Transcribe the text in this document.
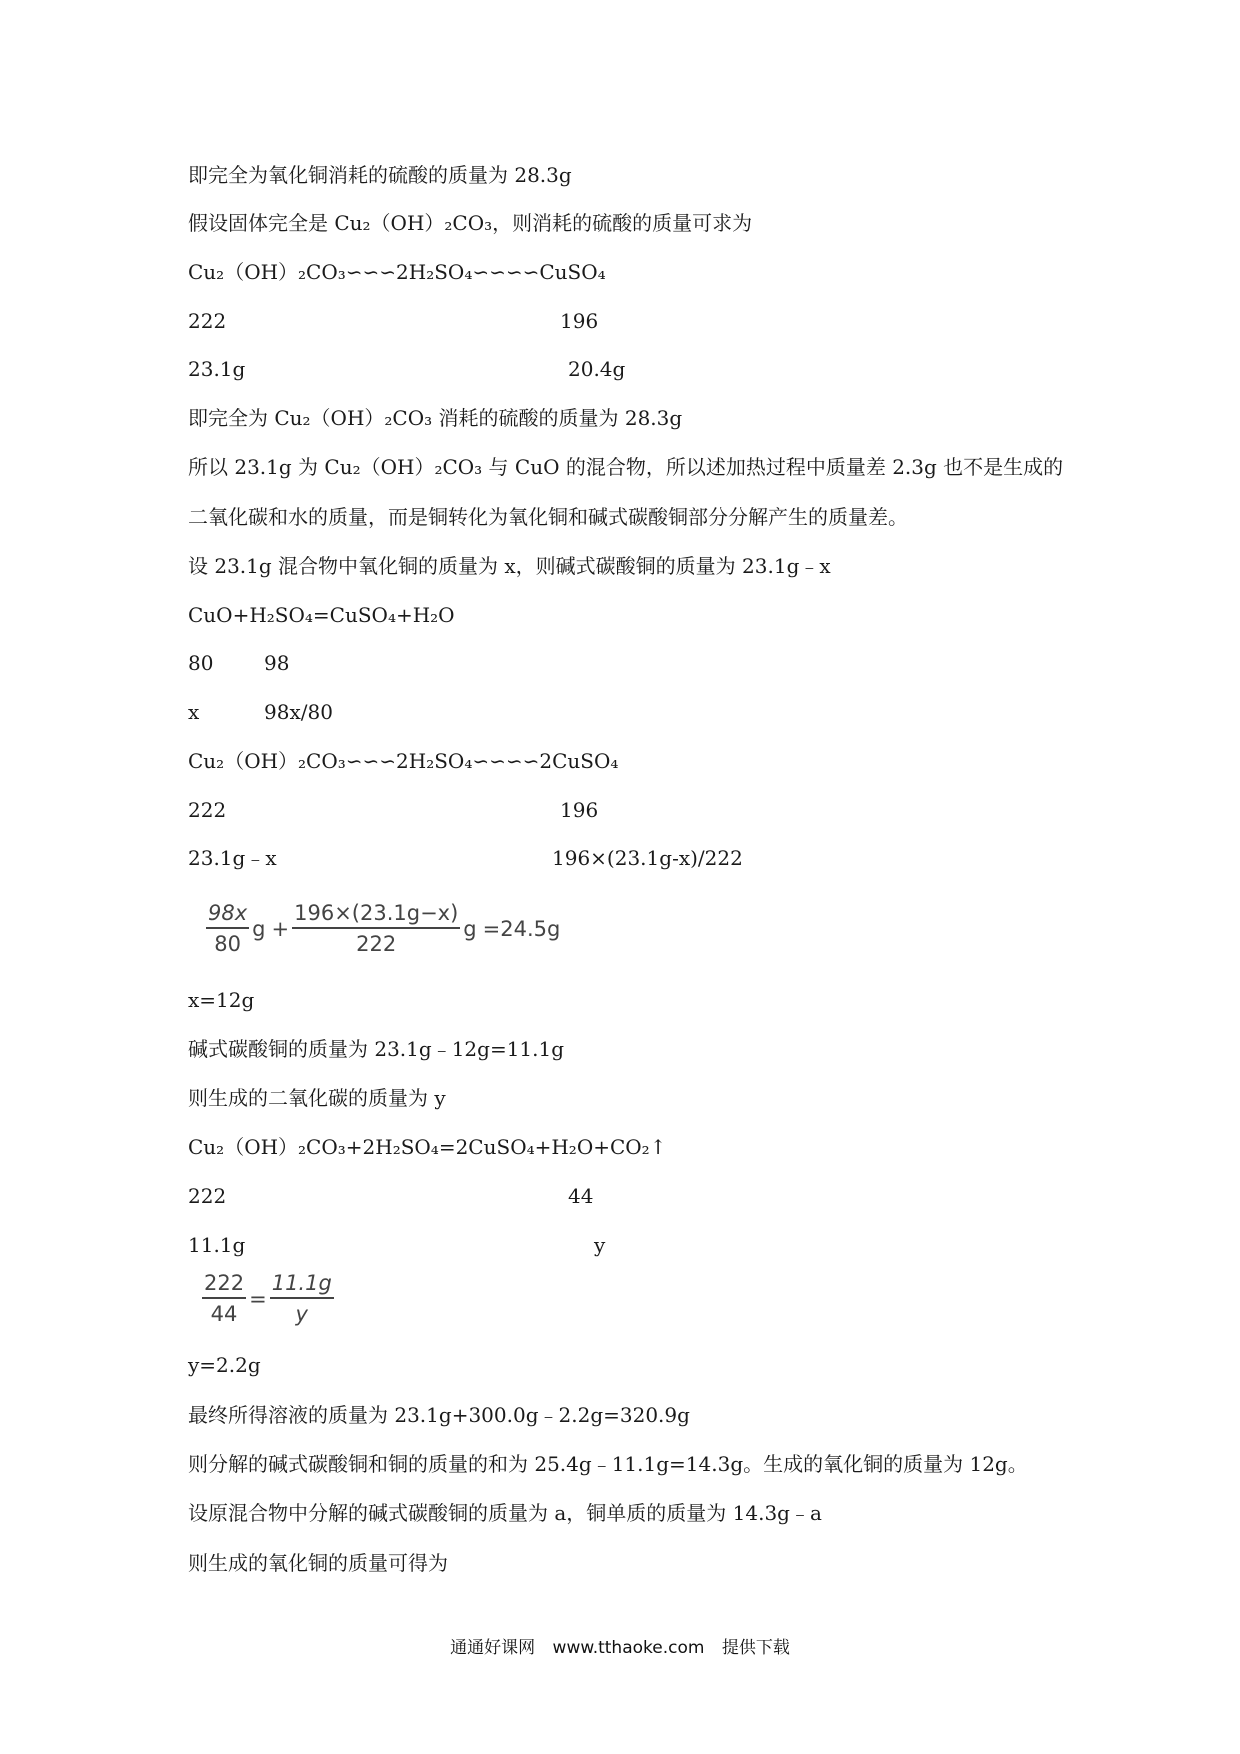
即完全为氧化铜消耗的硫酸的质量为 28.3g
假设固体完全是 Cu₂（OH）₂CO₃，则消耗的硫酸的质量可求为
Cu₂（OH）₂CO₃∽∽∽2H₂SO₄∽∽∽∽CuSO₄
222	196
23.1g	20.4g
即完全为 Cu₂（OH）₂CO₃ 消耗的硫酸的质量为 28.3g
所以 23.1g 为 Cu₂（OH）₂CO₃ 与 CuO 的混合物，所以述加热过程中质量差 2.3g 也不是生成的
二氧化碳和水的质量，而是铜转化为氧化铜和碱式碳酸铜部分分解产生的质量差。
设 23.1g 混合物中氧化铜的质量为 x，则碱式碳酸铜的质量为 23.1g﹣x
CuO+H₂SO₄=CuSO₄+H₂O
80	98
x	98x/80
Cu₂（OH）₂CO₃∽∽∽2H₂SO₄∽∽∽∽2CuSO₄
222	196
23.1g﹣x	196×(23.1g-x)/222
$\frac{98x}{80}$ $g + \frac{196\times(23.1g-x)}{222}$ g =24.5g
x=12g
碱式碳酸铜的质量为 23.1g﹣12g=11.1g
则生成的二氧化碳的质量为 y
Cu₂（OH）₂CO₃+2H₂SO₄=2CuSO₄+H₂O+CO₂↑
222	44
11.1g	y
$\frac{222}{44} = \frac{11.1g}{y}$
y=2.2g
最终所得溶液的质量为 23.1g+300.0g﹣2.2g=320.9g
则分解的碱式碳酸铜和铜的质量的和为 25.4g﹣11.1g=14.3g。生成的氧化铜的质量为 12g。
设原混合物中分解的碱式碳酸铜的质量为 a，铜单质的质量为 14.3g﹣a
则生成的氧化铜的质量可得为
通通好课网 www.tthaoke.com 提供下载
